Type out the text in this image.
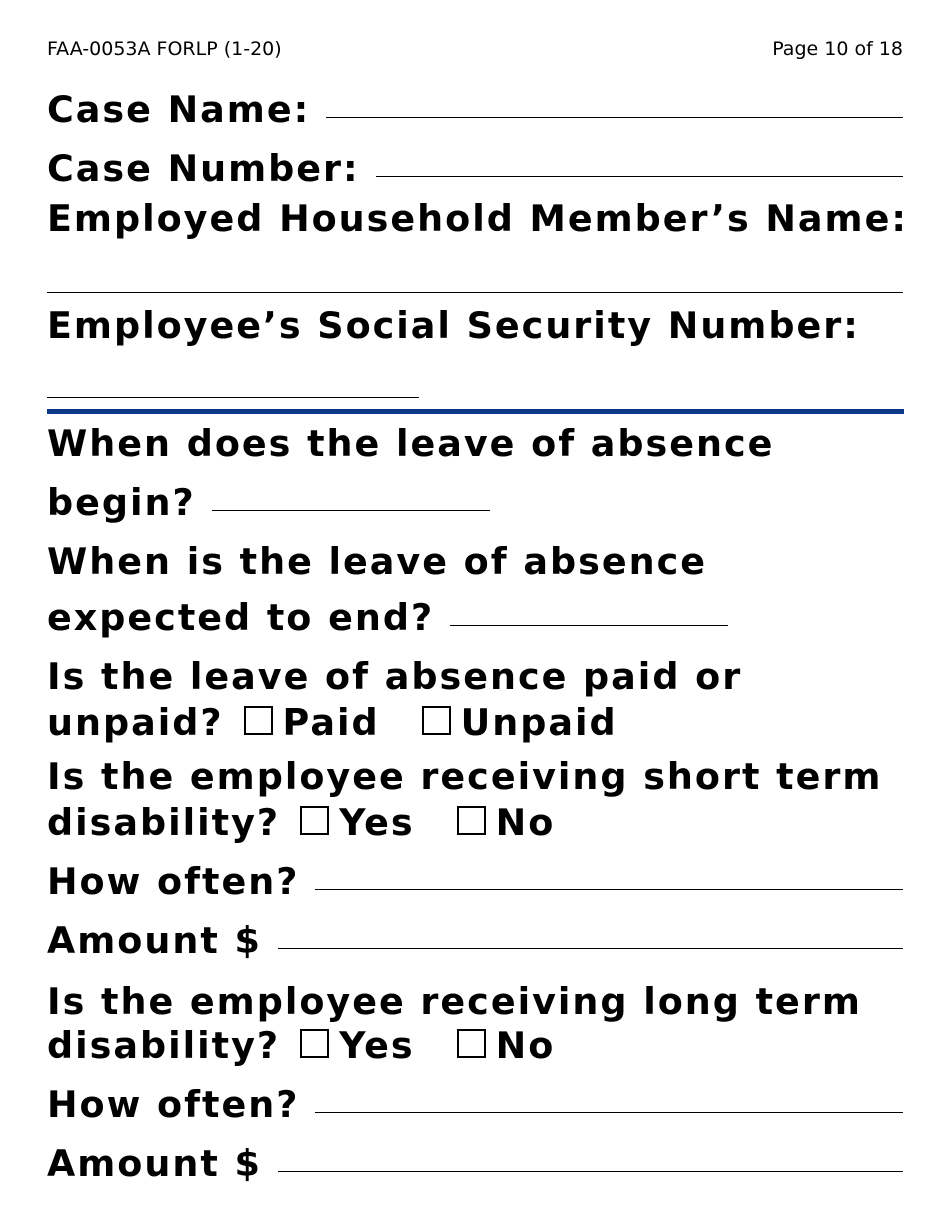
FAA-0053A FORLP (1-20)	Page 10 of 18
Case Name:
Case Number:
Employed Household Member’s Name:
Employee’s Social Security Number:
When does the leave of absence
begin?
When is the leave of absence
expected to end?
Is the leave of absence paid or
unpaid? Paid Unpaid
Is the employee receiving short term
disability? Yes No
How often?
Amount $
Is the employee receiving long term
disability? Yes No
How often?
Amount $
